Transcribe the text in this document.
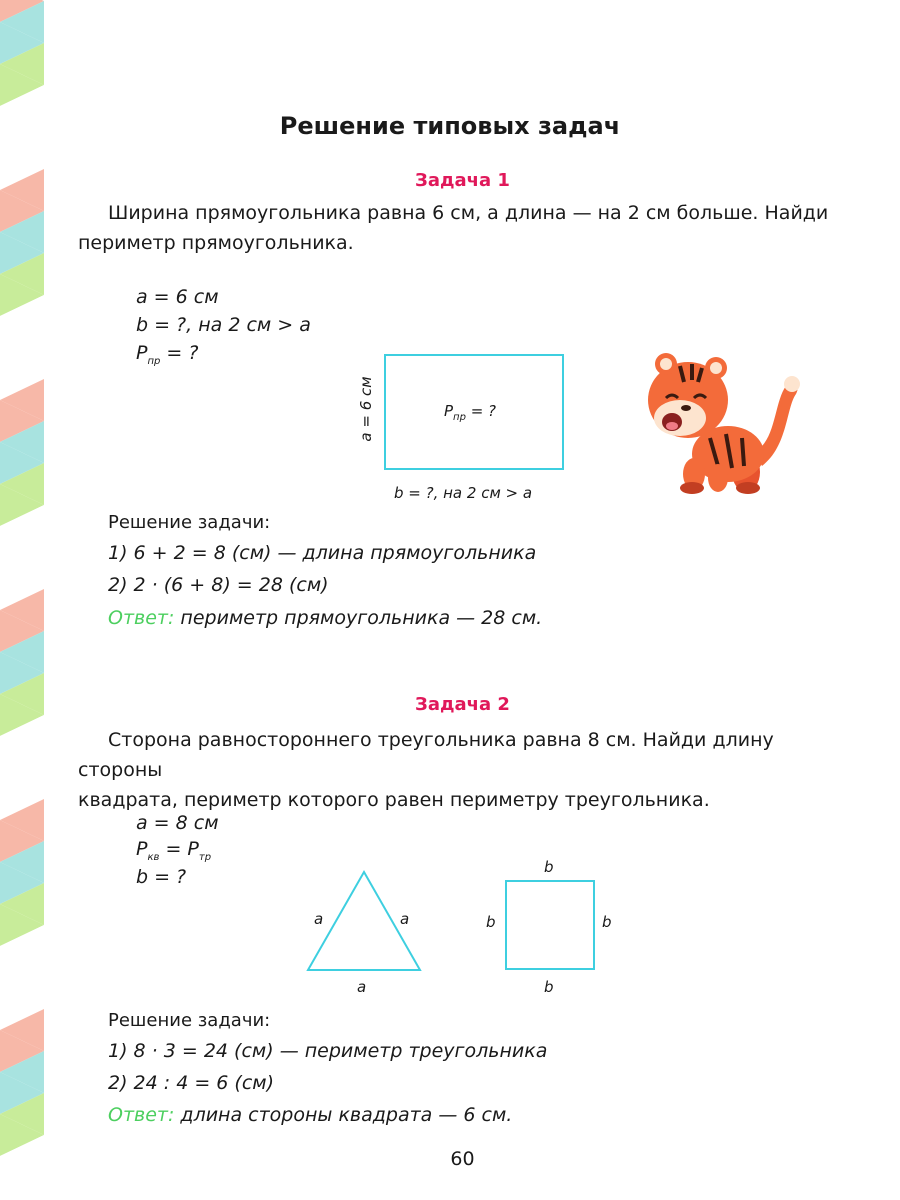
Решение типовых задач
Задача 1
Ширина прямоугольника равна 6 см, а длина — на 2 см больше. Найди
периметр прямоугольника.
a = 6 см
b = ?, на 2 см > a
$P_{пр}$ = ?
$P_{пр}$ = ?
a = 6 см
b = ?, на 2 см > a
Решение задачи:
1) 6 + 2 = 8 (см) — длина прямоугольника
2) 2 · (6 + 8) = 28 (см)
Ответ: периметр прямоугольника — 28 см.
Задача 2
Сторона равностороннего треугольника равна 8 см. Найди длину стороны
квадрата, периметр которого равен периметру треугольника.
a = 8 см
$P_{кв} = P_{тр}$
b = ?
a	a
a
b
b	b
b
Решение задачи:
1) 8 · 3 = 24 (см) — периметр треугольника
2) 24 : 4 = 6 (см)
Ответ: длина стороны квадрата — 6 см.
60
